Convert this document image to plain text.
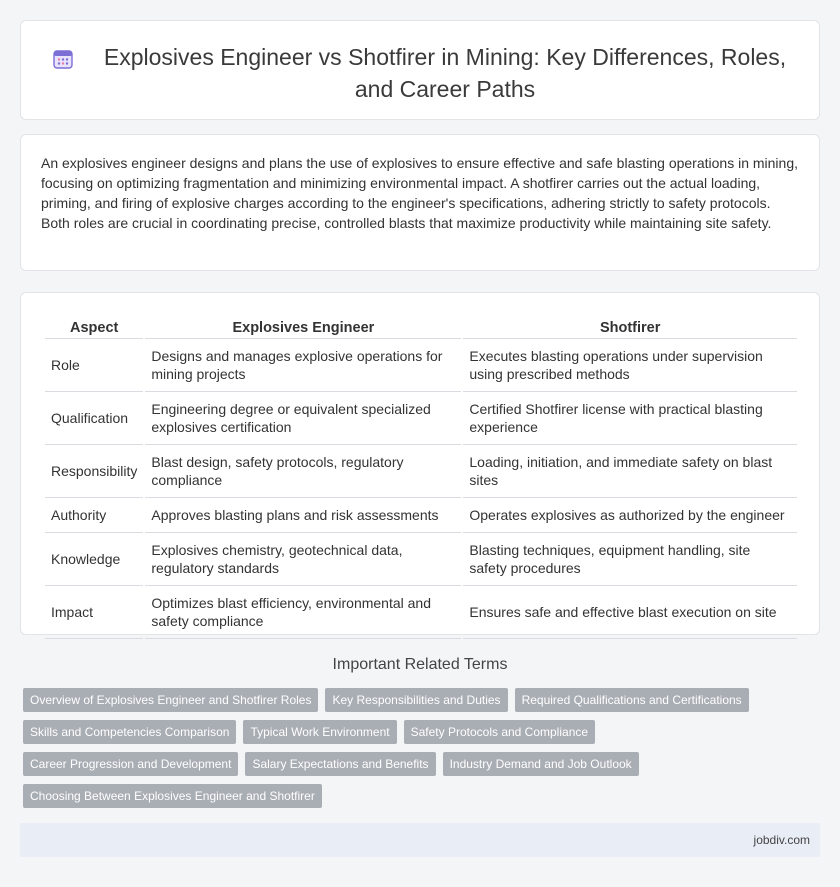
Explosives Engineer vs Shotfirer in Mining: Key Differences, Roles, and Career Paths

An explosives engineer designs and plans the use of explosives to ensure effective and safe blasting operations in mining, focusing on optimizing fragmentation and minimizing environmental impact. A shotfirer carries out the actual loading, priming, and firing of explosive charges according to the engineer's specifications, adhering strictly to safety protocols. Both roles are crucial in coordinating precise, controlled blasts that maximize productivity while maintaining site safety.

Aspect	Explosives Engineer	Shotfirer
Role	Designs and manages explosive operations for mining projects	Executes blasting operations under supervision using prescribed methods
Qualification	Engineering degree or equivalent specialized explosives certification	Certified Shotfirer license with practical blasting experience
Responsibility	Blast design, safety protocols, regulatory compliance	Loading, initiation, and immediate safety on blast sites
Authority	Approves blasting plans and risk assessments	Operates explosives as authorized by the engineer
Knowledge	Explosives chemistry, geotechnical data, regulatory standards	Blasting techniques, equipment handling, site safety procedures
Impact	Optimizes blast efficiency, environmental and safety compliance	Ensures safe and effective blast execution on site
Important Related Terms
Overview of Explosives Engineer and Shotfirer Roles	Key Responsibilities and Duties	Required Qualifications and Certifications
Skills and Competencies Comparison	Typical Work Environment	Safety Protocols and Compliance
Career Progression and Development	Salary Expectations and Benefits	Industry Demand and Job Outlook
Choosing Between Explosives Engineer and Shotfirer
jobdiv.com
